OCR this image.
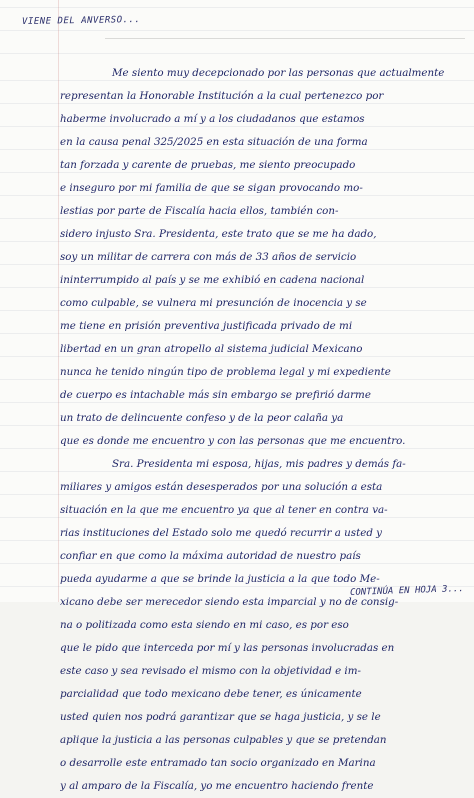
VIENE DEL ANVERSO...
Me siento muy decepcionado por las personas que actualmente
representan la Honorable Institución a la cual pertenezco por
haberme involucrado a mí y a los ciudadanos que estamos
en la causa penal 325/2025 en esta situación de una forma
tan forzada y carente de pruebas, me siento preocupado
e inseguro por mi familia de que se sigan provocando mo-
lestias por parte de Fiscalía hacia ellos, también con-
sidero injusto Sra. Presidenta, este trato que se me ha dado,
soy un militar de carrera con más de 33 años de servicio
ininterrumpido al país y se me exhibió en cadena nacional
como culpable, se vulnera mi presunción de inocencia y se
me tiene en prisión preventiva justificada privado de mi
libertad en un gran atropello al sistema judicial Mexicano
nunca he tenido ningún tipo de problema legal y mi expediente
de cuerpo es intachable más sin embargo se prefirió darme
un trato de delincuente confeso y de la peor calaña ya
que es donde me encuentro y con las personas que me encuentro.
Sra. Presidenta mi esposa, hijas, mis padres y demás fa-
miliares y amigos están desesperados por una solución a esta
situación en la que me encuentro ya que al tener en contra va-
rias instituciones del Estado solo me quedó recurrir a usted y
confiar en que como la máxima autoridad de nuestro país
pueda ayudarme a que se brinde la justicia a la que todo Me-
xicano debe ser merecedor siendo esta imparcial y no de consig-
na o politizada como esta siendo en mi caso, es por eso
que le pido que intercedа por mí y las personas involucradas en
este caso y sea revisado el mismo con la objetividad e im-
parcialidad que todo mexicano debe tener, es únicamente
usted quien nos podrá garantizar que se haga justicia, y se le
aplique la justicia a las personas culpables y que se pretendan
o desarrolle este entramado tan socio organizado en Marina
y al amparo de la Fiscalía, yo me encuentro haciendo frente
CONTINÚA EN HOJA 3...
